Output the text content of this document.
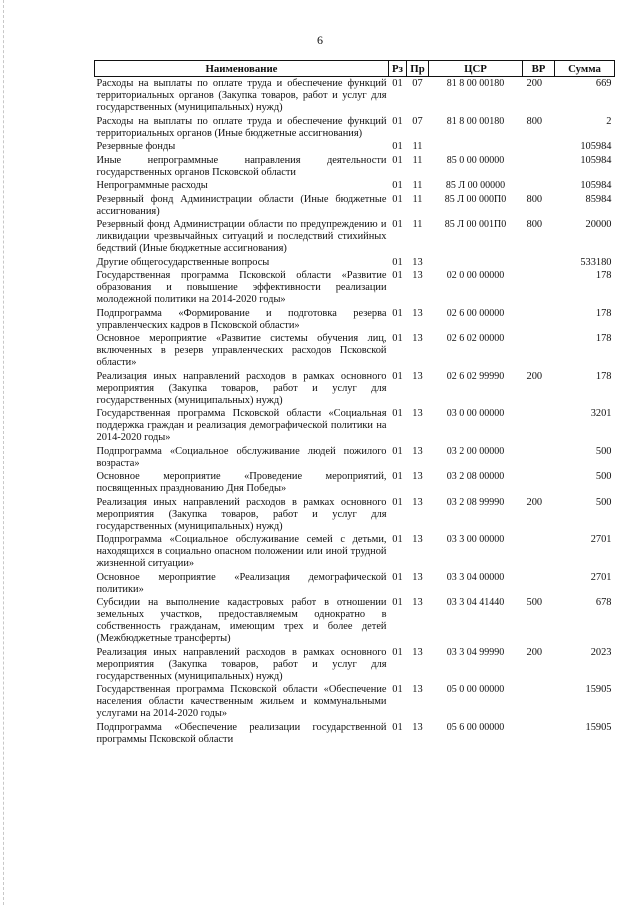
6
Наименование	Рз	Пр	ЦСР	ВР	Сумма
Расходы на выплаты по оплате труда и обеспечение функций территориальных органов (Закупка товаров, работ и услуг для государственных (муниципальных) нужд)	01	07	81 8 00 00180	200	669
Расходы на выплаты по оплате труда и обеспечение функций территориальных органов (Иные бюджетные ассигнования)	01	07	81 8 00 00180	800	2
Резервные фонды	01	11			105984
Иные непрограммные направления деятельности государственных органов Псковской области	01	11	85 0 00 00000		105984
Непрограммные расходы	01	11	85 Л 00 00000		105984
Резервный фонд Администрации области (Иные бюджетные ассигнования)	01	11	85 Л 00 000П0	800	85984
Резервный фонд Администрации области по предупреждению и ликвидации чрезвычайных ситуаций и последствий стихийных бедствий (Иные бюджетные ассигнования)	01	11	85 Л 00 001П0	800	20000
Другие общегосударственные вопросы	01	13			533180
Государственная программа Псковской области «Развитие образования и повышение эффективности реализации молодежной политики на 2014-2020 годы»	01	13	02 0 00 00000		178
Подпрограмма «Формирование и подготовка резерва управленческих кадров в Псковской области»	01	13	02 6 00 00000		178
Основное мероприятие «Развитие системы обучения лиц, включенных в резерв управленческих расходов Псковской области»	01	13	02 6 02 00000		178
Реализация иных направлений расходов в рамках основного мероприятия (Закупка товаров, работ и услуг для государственных (муниципальных) нужд)	01	13	02 6 02 99990	200	178
Государственная программа Псковской области «Социальная поддержка граждан и реализация демографической политики на 2014-2020 годы»	01	13	03 0 00 00000		3201
Подпрограмма «Социальное обслуживание людей пожилого возраста»	01	13	03 2 00 00000		500
Основное мероприятие «Проведение мероприятий, посвященных празднованию Дня Победы»	01	13	03 2 08 00000		500
Реализация иных направлений расходов в рамках основного мероприятия (Закупка товаров, работ и услуг для государственных (муниципальных) нужд)	01	13	03 2 08 99990	200	500
Подпрограмма «Социальное обслуживание семей с детьми, находящихся в социально опасном положении или иной трудной жизненной ситуации»	01	13	03 3 00 00000		2701
Основное мероприятие «Реализация демографической политики»	01	13	03 3 04 00000		2701
Субсидии на выполнение кадастровых работ в отношении земельных участков, предоставляемым однократно в собственность гражданам, имеющим трех и более детей (Межбюджетные трансферты)	01	13	03 3 04 41440	500	678
Реализация иных направлений расходов в рамках основного мероприятия (Закупка товаров, работ и услуг для государственных (муниципальных) нужд)	01	13	03 3 04 99990	200	2023
Государственная программа Псковской области «Обеспечение населения области качественным жильем и коммунальными услугами на 2014-2020 годы»	01	13	05 0 00 00000		15905
Подпрограмма «Обеспечение реализации государственной программы Псковской области	01	13	05 6 00 00000		15905
